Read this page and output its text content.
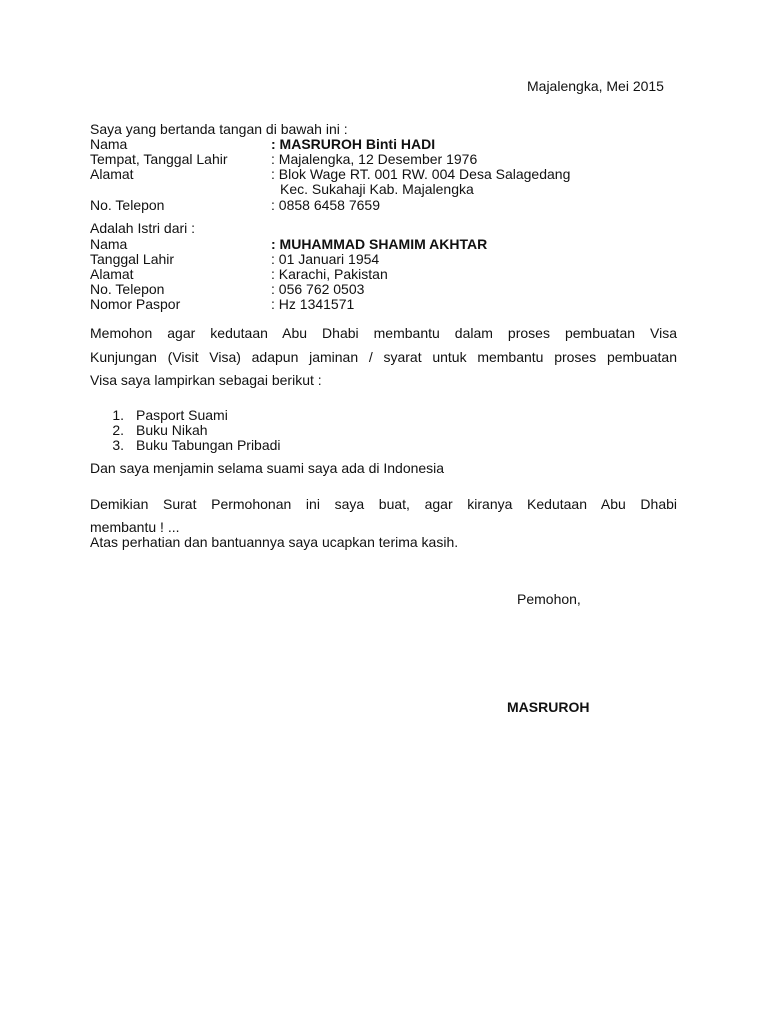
Majalengka, Mei 2015
Saya yang bertanda tangan di bawah ini :
Nama	: MASRUROH Binti HADI
Tempat, Tanggal Lahir	: Majalengka, 12 Desember 1976
Alamat	: Blok Wage RT. 001 RW. 004 Desa Salagedang
Kec. Sukahaji Kab. Majalengka
No. Telepon	: 0858 6458 7659
Adalah Istri dari :
Nama	: MUHAMMAD SHAMIM AKHTAR
Tanggal Lahir	: 01 Januari 1954
Alamat	: Karachi, Pakistan
No. Telepon	: 056 762 0503
Nomor Paspor	: Hz 1341571
Memohon agar kedutaan Abu Dhabi membantu dalam proses pembuatan Visa
Kunjungan (Visit Visa) adapun jaminan / syarat untuk membantu proses pembuatan
Visa saya lampirkan sebagai berikut :
1. Pasport Suami
2. Buku Nikah
3. Buku Tabungan Pribadi
Dan saya menjamin selama suami saya ada di Indonesia
Demikian Surat Permohonan ini saya buat, agar kiranya Kedutaan Abu Dhabi
membantu ! ...
Atas perhatian dan bantuannya saya ucapkan terima kasih.
Pemohon,
MASRUROH
